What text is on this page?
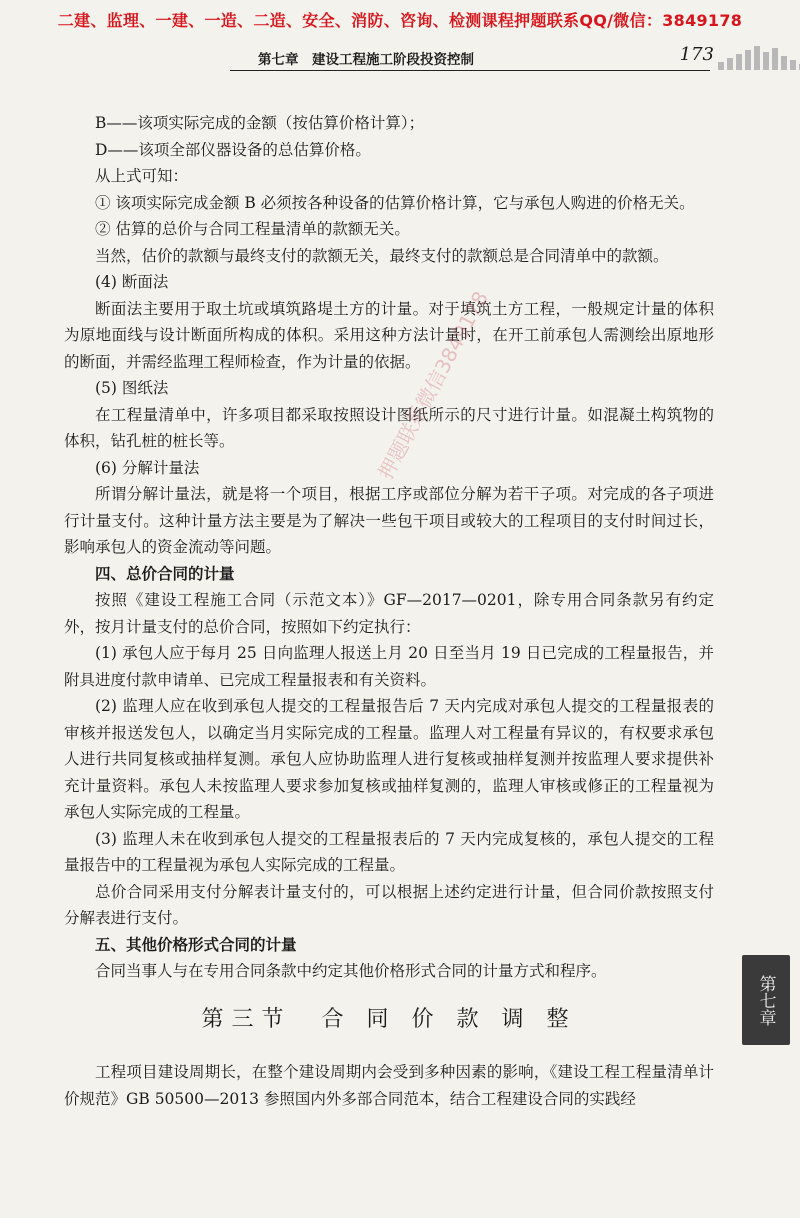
二建、监理、一建、一造、二造、安全、消防、咨询、检测课程押题联系QQ/微信：3849178
第七章　建设工程施工阶段投资控制	173

B——该项实际完成的金额（按估算价格计算）；

D——该项全部仪器设备的总估算价格。

从上式可知：

① 该项实际完成金额 B 必须按各种设备的估算价格计算，它与承包人购进的价格无关。

② 估算的总价与合同工程量清单的款额无关。

当然，估价的款额与最终支付的款额无关，最终支付的款额总是合同清单中的款额。

(4) 断面法

断面法主要用于取土坑或填筑路堤土方的计量。对于填筑土方工程，一般规定计量的体积为原地面线与设计断面所构成的体积。采用这种方法计量时，在开工前承包人需测绘出原地形的断面，并需经监理工程师检查，作为计量的依据。

(5) 图纸法

在工程量清单中，许多项目都采取按照设计图纸所示的尺寸进行计量。如混凝土构筑物的体积，钻孔桩的桩长等。

(6) 分解计量法

所谓分解计量法，就是将一个项目，根据工序或部位分解为若干子项。对完成的各子项进行计量支付。这种计量方法主要是为了解决一些包干项目或较大的工程项目的支付时间过长，影响承包人的资金流动等问题。

四、总价合同的计量

按照《建设工程施工合同（示范文本）》GF—2017—0201，除专用合同条款另有约定外，按月计量支付的总价合同，按照如下约定执行：

(1) 承包人应于每月 25 日向监理人报送上月 20 日至当月 19 日已完成的工程量报告，并附具进度付款申请单、已完成工程量报表和有关资料。

(2) 监理人应在收到承包人提交的工程量报告后 7 天内完成对承包人提交的工程量报表的审核并报送发包人，以确定当月实际完成的工程量。监理人对工程量有异议的，有权要求承包人进行共同复核或抽样复测。承包人应协助监理人进行复核或抽样复测并按监理人要求提供补充计量资料。承包人未按监理人要求参加复核或抽样复测的，监理人审核或修正的工程量视为承包人实际完成的工程量。

(3) 监理人未在收到承包人提交的工程量报表后的 7 天内完成复核的，承包人提交的工程量报告中的工程量视为承包人实际完成的工程量。

总价合同采用支付分解表计量支付的，可以根据上述约定进行计量，但合同价款按照支付分解表进行支付。

五、其他价格形式合同的计量

合同当事人与在专用合同条款中约定其他价格形式合同的计量方式和程序。

第三节　合 同 价 款 调 整

工程项目建设周期长，在整个建设周期内会受到多种因素的影响，《建设工程工程量清单计价规范》GB 50500—2013 参照国内外多部合同范本，结合工程建设合同的实践经

第七章
押题联系微信3849178
